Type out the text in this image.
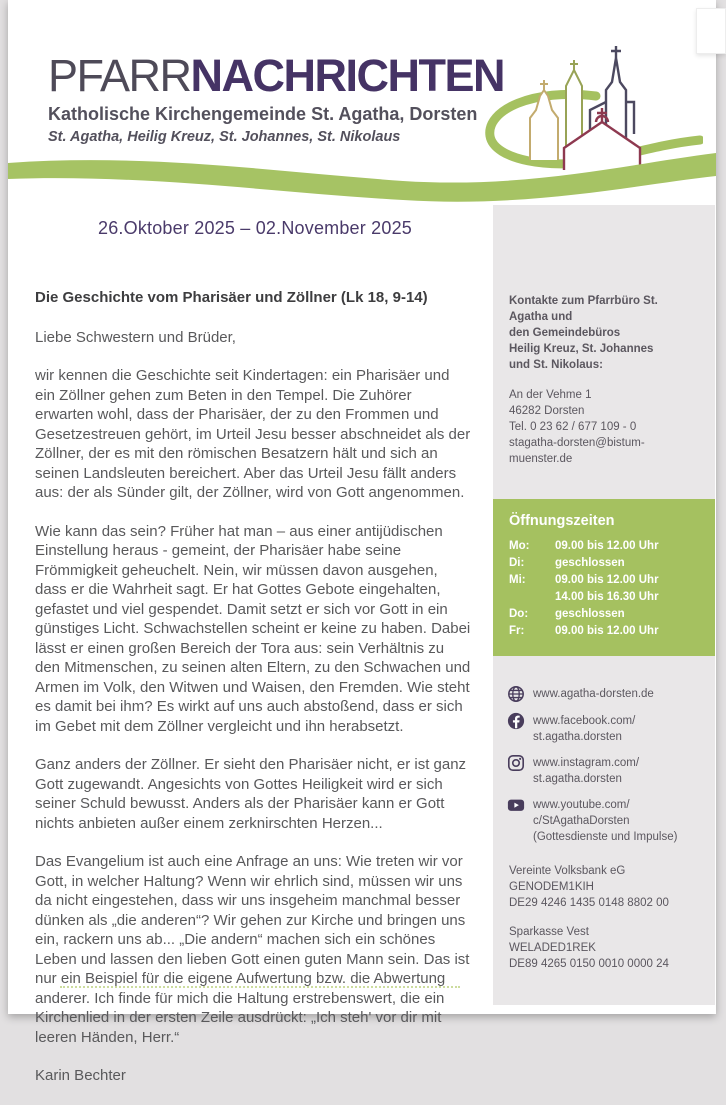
PFARRNACHRICHTEN
Katholische Kirchengemeinde St. Agatha, Dorsten
St. Agatha, Heilig Kreuz, St. Johannes, St. Nikolaus
26.Oktober 2025 – 02.November 2025
Die Geschichte vom Pharisäer und Zöllner (Lk 18, 9-14)

Liebe Schwestern und Brüder,

wir kennen die Geschichte seit Kindertagen: ein Pharisäer und ein Zöllner gehen zum Beten in den Tempel. Die Zuhörer erwarten wohl, dass der Pharisäer, der zu den Frommen und Gesetzestreuen gehört, im Urteil Jesu besser abschneidet als der Zöllner, der es mit den römischen Besatzern hält und sich an seinen Landsleuten bereichert. Aber das Urteil Jesu fällt anders aus: der als Sünder gilt, der Zöllner, wird von Gott angenommen.

Wie kann das sein? Früher hat man – aus einer antijüdischen Einstellung heraus - gemeint, der Pharisäer habe seine Frömmigkeit geheuchelt. Nein, wir müssen davon ausgehen, dass er die Wahrheit sagt. Er hat Gottes Gebote eingehalten, gefastet und viel gespendet. Damit setzt er sich vor Gott in ein günstiges Licht. Schwachstellen scheint er keine zu haben. Dabei lässt er einen großen Bereich der Tora aus: sein Verhältnis zu den Mitmenschen, zu seinen alten Eltern, zu den Schwachen und Armen im Volk, den Witwen und Waisen, den Fremden. Wie steht es damit bei ihm? Es wirkt auf uns auch abstoßend, dass er sich im Gebet mit dem Zöllner vergleicht und ihn herabsetzt.

Ganz anders der Zöllner. Er sieht den Pharisäer nicht, er ist ganz Gott zugewandt. Angesichts von Gottes Heiligkeit wird er sich seiner Schuld bewusst. Anders als der Pharisäer kann er Gott nichts anbieten außer einem zerknirschten Herzen...

Das Evangelium ist auch eine Anfrage an uns: Wie treten wir vor Gott, in welcher Haltung? Wenn wir ehrlich sind, müssen wir uns da nicht eingestehen, dass wir uns insgeheim manchmal besser dünken als „die anderen“? Wir gehen zur Kirche und bringen uns ein, rackern uns ab... „Die andern“ machen sich ein schönes Leben und lassen den lieben Gott einen guten Mann sein. Das ist nur ein Beispiel für die eigene Aufwertung bzw. die Abwertung anderer. Ich finde für mich die Haltung erstrebenswert, die ein Kirchenlied in der ersten Zeile ausdrückt: „Ich steh' vor dir mit leeren Händen, Herr.“

Karin Bechter

Kontakte zum Pfarrbüro St. Agatha und
den Gemeindebüros
Heilig Kreuz, St. Johannes
und St. Nikolaus:
An der Vehme 1
46282 Dorsten
Tel. 0 23 62 / 677 109 - 0
stagatha-dorsten@bistum-muenster.de
Öffnungszeiten
Mo:	09.00 bis 12.00 Uhr
Di:	geschlossen
Mi:	09.00 bis 12.00 Uhr
14.00 bis 16.30 Uhr
Do:	geschlossen
Fr:	09.00 bis 12.00 Uhr
www.agatha-dorsten.de
www.facebook.com/
st.agatha.dorsten
www.instagram.com/
st.agatha.dorsten
www.youtube.com/
c/StAgathaDorsten
(Gottesdienste und Impulse)
Vereinte Volksbank eG
GENODEM1KIH
DE29 4246 1435 0148 8802 00
Sparkasse Vest
WELADED1REK
DE89 4265 0150 0010 0000 24
